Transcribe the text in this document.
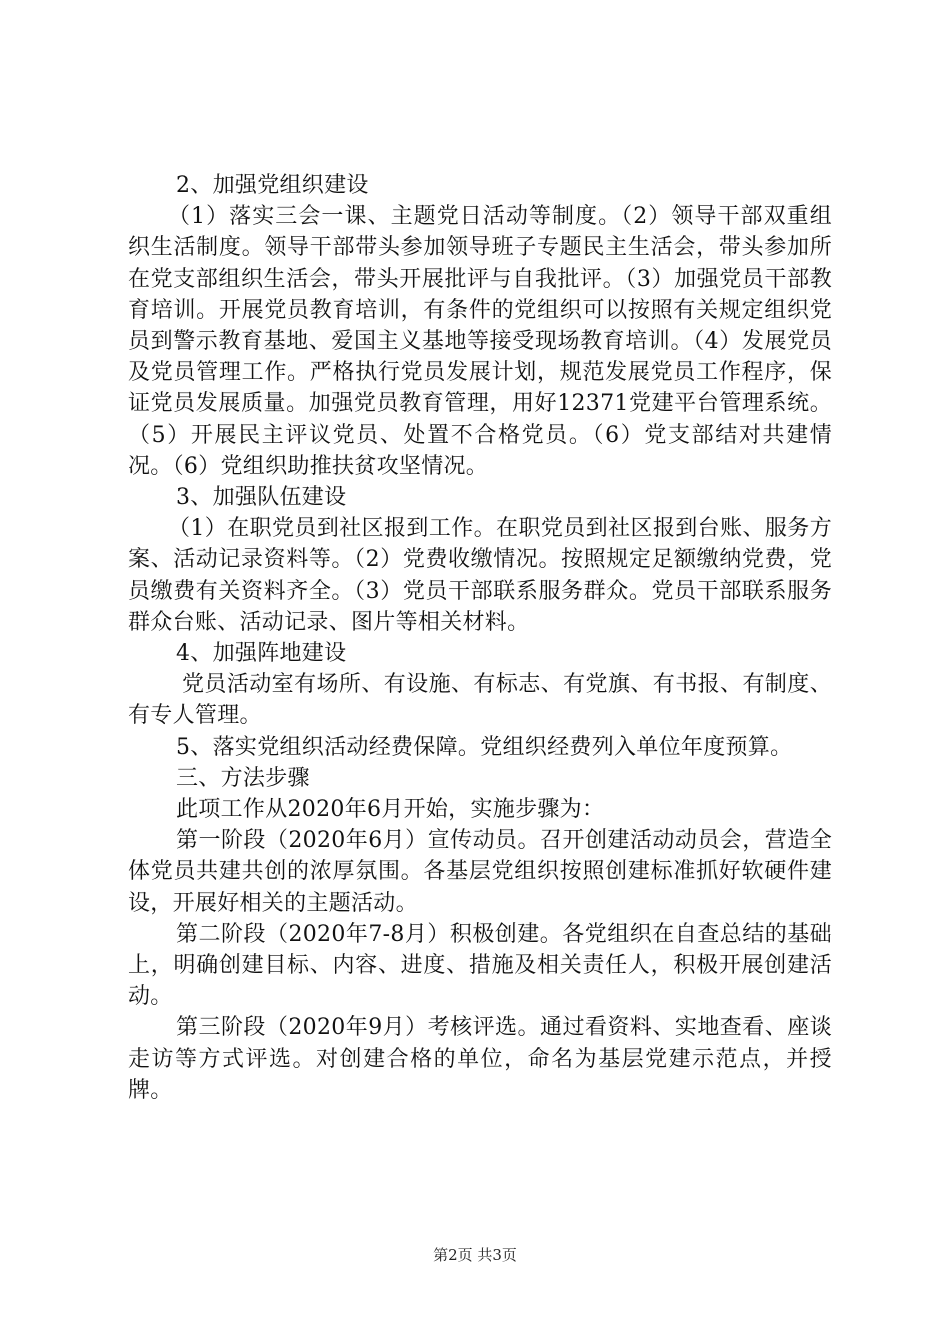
2、加强党组织建设

（1）落实三会一课、主题党日活动等制度。（2）领导干部双重组织生活制度。领导干部带头参加领导班子专题民主生活会，带头参加所在党支部组织生活会，带头开展批评与自我批评。（3）加强党员干部教育培训。开展党员教育培训，有条件的党组织可以按照有关规定组织党员到警示教育基地、爱国主义基地等接受现场教育培训。（4）发展党员及党员管理工作。严格执行党员发展计划，规范发展党员工作程序，保证党员发展质量。加强党员教育管理，用好12371党建平台管理系统。（5）开展民主评议党员、处置不合格党员。（6）党支部结对共建情况。（6）党组织助推扶贫攻坚情况。

3、加强队伍建设

（1）在职党员到社区报到工作。在职党员到社区报到台账、服务方案、活动记录资料等。（2）党费收缴情况。按照规定足额缴纳党费，党员缴费有关资料齐全。（3）党员干部联系服务群众。党员干部联系服务群众台账、活动记录、图片等相关材料。

4、加强阵地建设

党员活动室有场所、有设施、有标志、有党旗、有书报、有制度、有专人管理。

5、落实党组织活动经费保障。党组织经费列入单位年度预算。

三、方法步骤

此项工作从2020年6月开始，实施步骤为：

第一阶段（2020年6月）宣传动员。召开创建活动动员会，营造全体党员共建共创的浓厚氛围。各基层党组织按照创建标准抓好软硬件建设，开展好相关的主题活动。

第二阶段（2020年7-8月）积极创建。各党组织在自查总结的基础上，明确创建目标、内容、进度、措施及相关责任人，积极开展创建活动。

第三阶段（2020年9月）考核评选。通过看资料、实地查看、座谈走访等方式评选。对创建合格的单位，命名为基层党建示范点，并授牌。

第2页 共3页
